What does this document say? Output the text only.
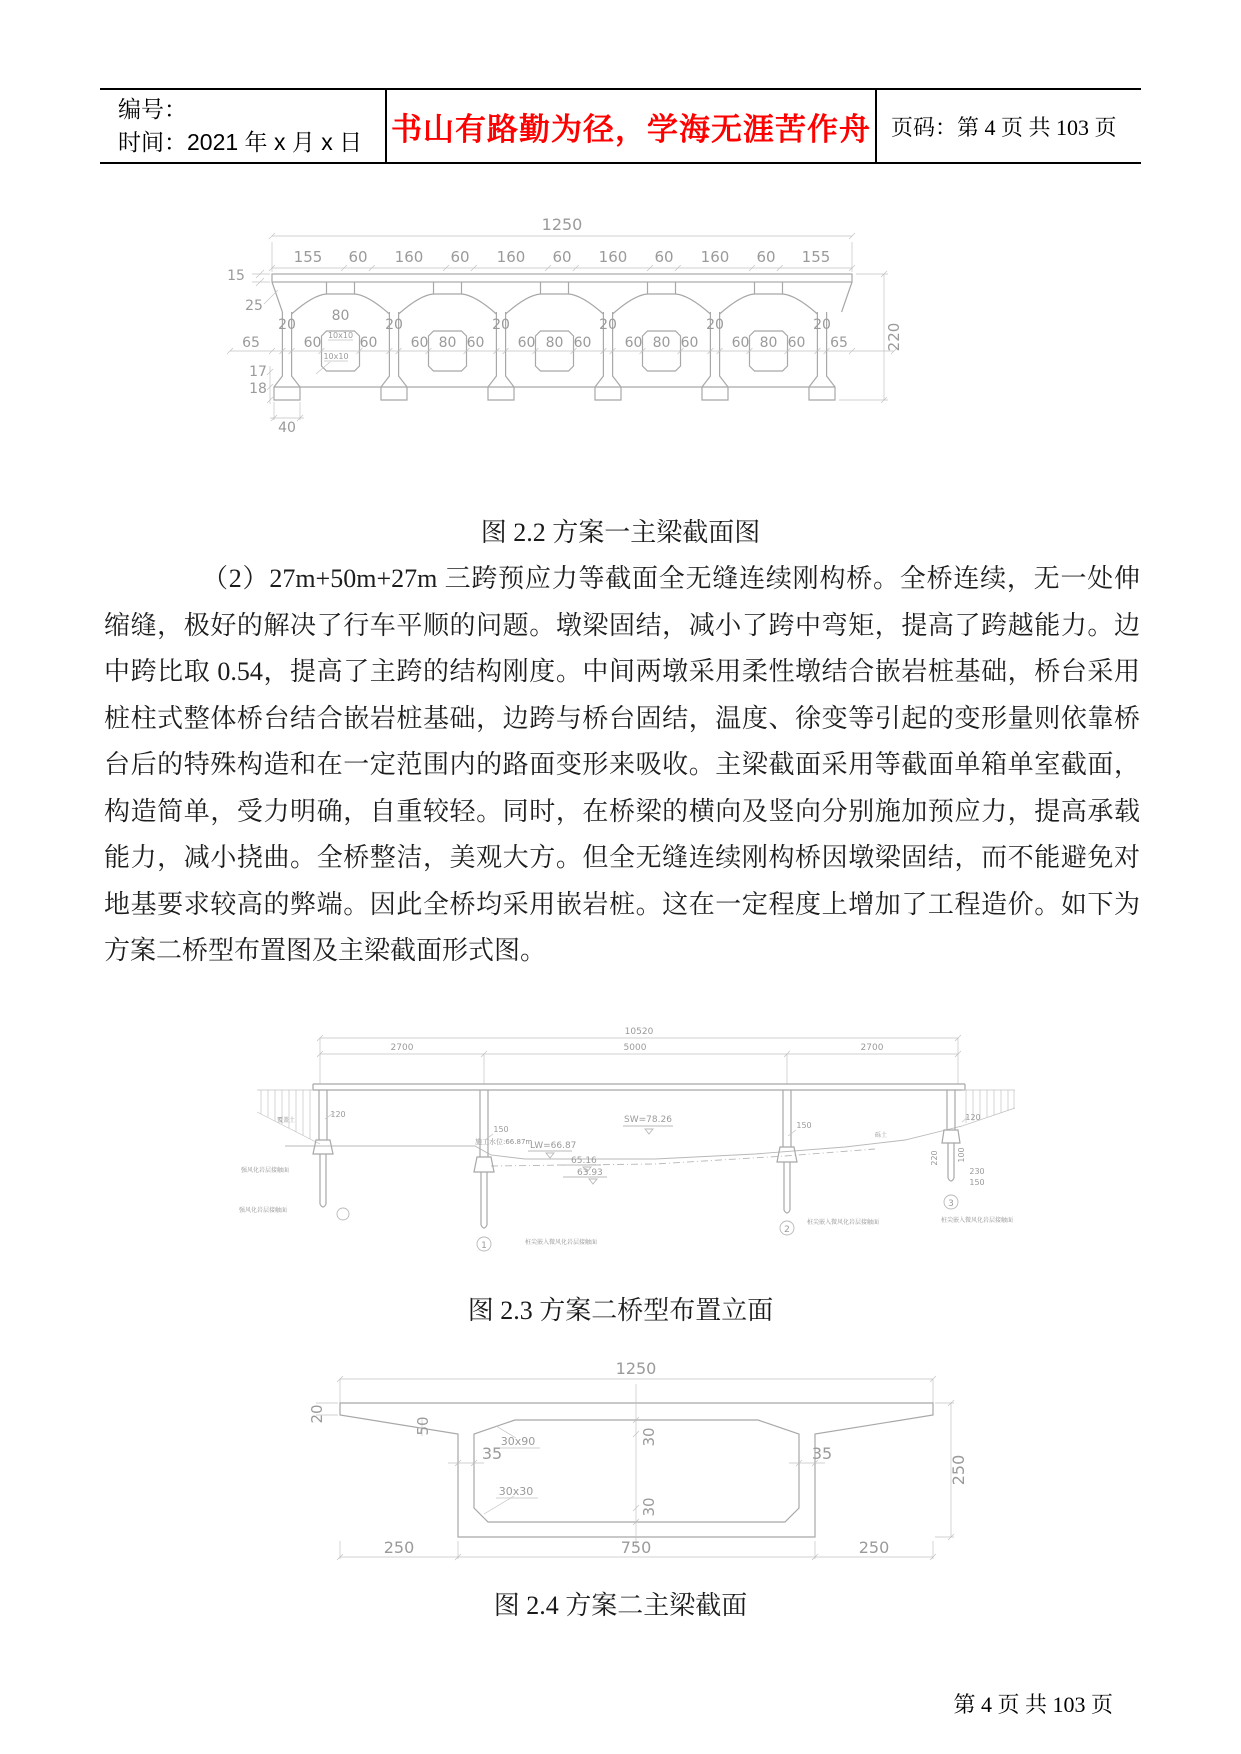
编号：
时间：2021 年 x 月 x 日 书山有路勤为径，学海无涯苦作舟 页码：第 4 页 共 103 页
1250
155 60 160 60 160 60 160 60 160 60 155
15
25
65	65
20	20	20	20	20	20
60	60
80
60 80 60 60 80 60 60 80 60 60 80 60
10x10
10x10
220
17
18
40
图 2.2 方案一主梁截面图
（2）27m+50m+27m 三跨预应力等截面全无缝连续刚构桥。全桥连续，无一处伸缩缝，极好的解决了行车平顺的问题。墩梁固结，减小了跨中弯矩，提高了跨越能力。边中跨比取 0.54，提高了主跨的结构刚度。中间两墩采用柔性墩结合嵌岩桩基础，桥台采用桩柱式整体桥台结合嵌岩桩基础，边跨与桥台固结，温度、徐变等引起的变形量则依靠桥台后的特殊构造和在一定范围内的路面变形来吸收。主梁截面采用等截面单箱单室截面，构造简单，受力明确，自重较轻。同时，在桥梁的横向及竖向分别施加预应力，提高承载能力，减小挠曲。全桥整洁，美观大方。但全无缝连续刚构桥因墩梁固结，而不能避免对地基要求较高的弊端。因此全桥均采用嵌岩桩。这在一定程度上增加了工程造价。如下为方案二桥型布置图及主梁截面形式图。
10520
2700	5000	2700
1
2
3
SW=78.26
施工水位:66.87m
LW=66.87
65.16
63.93
120
150	150
120
220 100
230
150
覆盖土
砾土
强风化岩层接触面
强风化岩层接触面
桩尖嵌入微风化岩层接触面
桩尖嵌入微风化岩层接触面	桩尖嵌入微风化岩层接触面
图 2.3 方案二桥型布置立面
1250
250	750	250
250
20
50
30x90
30x30
35	35
30
30
图 2.4 方案二主梁截面
第 4 页 共 103 页
